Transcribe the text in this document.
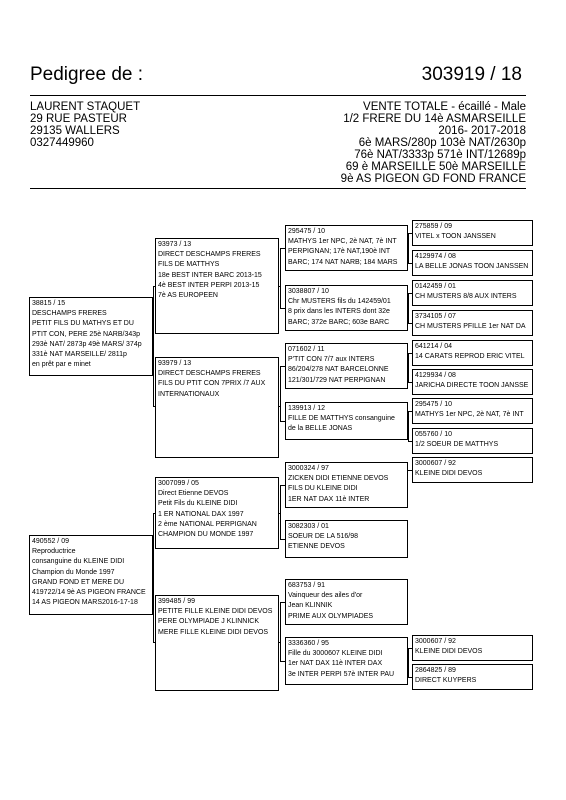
Pedigree de :	303919 / 18
LAURENT STAQUET
29 RUE PASTEUR
29135 WALLERS
0327449960
VENTE TOTALE - écaillé - Male
1/2 FRERE DU 14è ASMARSEILLE
2016- 2017-2018
6è MARS/280p 103è NAT/2630p
76è NAT/3333p 571è INT/12689p
69 è MARSEILLE 50è MARSEILLE
9è AS PIGEON GD FOND FRANCE
38815 / 15
DESCHAMPS FRERES
PETIT FILS DU MATHYS ET DU
PTIT CON, PERE 25è NARB/343p
293è NAT/ 2873p 49è MARS/ 374p
331è NAT MARSEILLE/ 2811p
en prêt par e minet
490552 / 09
Reproductrice
consanguine du KLEINE DIDI
Champion du Monde 1997
GRAND FOND ET MERE DU
419722/14 9è AS PIGEON FRANCE
14 AS PIGEON MARS2016-17-18
93973 / 13
DIRECT DESCHAMPS FRERES
FILS DE MATTHYS
18e BEST INTER BARC 2013-15
4è BEST INTER PERPI 2013-15
7è AS EUROPEEN
93979 / 13
DIRECT DESCHAMPS FRERES
FILS DU PTIT CON 7PRIX /7 AUX
INTERNATIONAUX
3007099 / 05
Direct Etienne DEVOS
Petit Fils du KLEINE DIDI
1 ER NATIONAL DAX 1997
2 ème NATIONAL PERPIGNAN
CHAMPION DU MONDE 1997
399485 / 99
PETITE FILLE KLEINE DIDI DEVOS
PERE OLYMPIADE J KLINNICK
MERE FILLE KLEINE DIDI DEVOS
295475 / 10
MATHYS 1er NPC, 2è NAT, 7è INT
PERPIGNAN; 17è NAT,190è INT
BARC; 174 NAT NARB; 184 MARS
3038807 / 10
Chr MUSTERS fils du 142459/01
8 prix dans les INTERS dont 32e
BARC; 372e BARC; 603e BARC
071602 / 11
P'TIT CON 7/7 aux INTERS
86/204/278 NAT BARCELONNE
121/301/729 NAT PERPIGNAN
139913 / 12
FILLE DE MATTHYS consanguine
de la BELLE JONAS
3000324 / 97
ZICKEN DIDI ETIENNE DEVOS
FILS DU KLEINE DIDI
1ER NAT DAX 11è INTER
3082303 / 01
SOEUR DE LA 516/98
ETIENNE DEVOS
683753 / 91
Vainqueur des ailes d'or
Jean KLINNIK
PRIME AUX OLYMPIADES
3336360 / 95
Fille du 3000607 KLEINE DIDI
1er NAT DAX 11è INTER DAX
3e INTER PERPI 57è INTER PAU
275859 / 09
VITEL x TOON JANSSEN
4129974 / 08
LA BELLE JONAS TOON JANSSEN
0142459 / 01
CH MUSTERS 8/8 AUX INTERS
3734105 / 07
CH MUSTERS PFILLE 1er NAT DA
641214 / 04
14 CARATS REPROD ERIC VITEL
4129934 / 08
JARICHA DIRECTE TOON JANSSE
295475 / 10
MATHYS 1er NPC, 2è NAT, 7è INT
055760 / 10
1/2 SOEUR DE MATTHYS
3000607 / 92
KLEINE DIDI DEVOS
3000607 / 92
KLEINE DIDI DEVOS
2864825 / 89
DIRECT KUYPERS
